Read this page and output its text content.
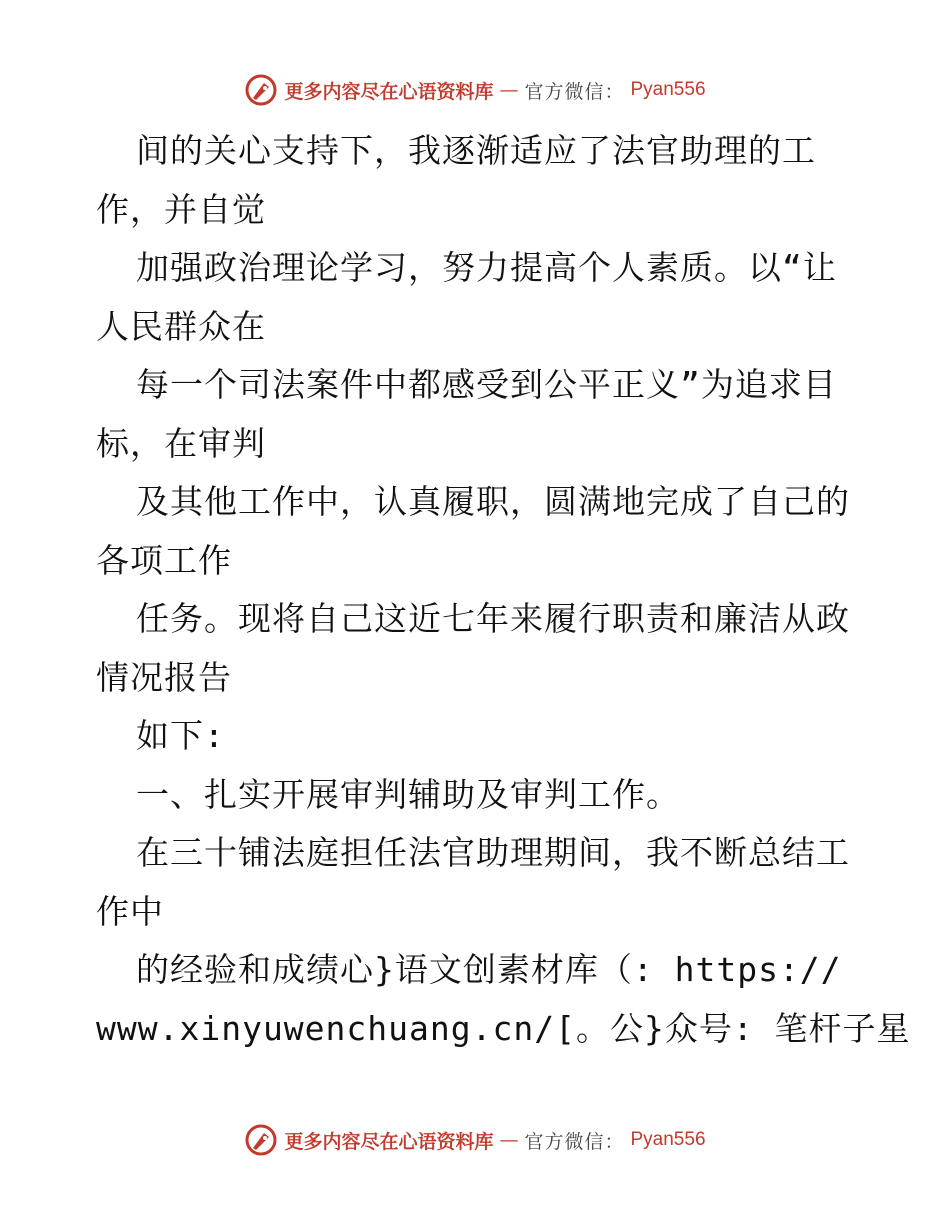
更多内容尽在心语资料库 — 官方微信： Pyan556
间的关心支持下，我逐渐适应了法官助理的工
作，并自觉
加强政治理论学习，努力提高个人素质。以“让
人民群众在
每一个司法案件中都感受到公平正义”为追求目
标，在审判
及其他工作中，认真履职，圆满地完成了自己的
各项工作
任务。现将自己这近七年来履行职责和廉洁从政
情况报告
如下:
一、扎实开展审判辅助及审判工作。
在三十铺法庭担任法官助理期间，我不断总结工
作中
的经验和成绩心}语文创素材库（: https://
www.xinyuwenchuang.cn/[。公}众号: 笔杆子星
更多内容尽在心语资料库 — 官方微信： Pyan556
